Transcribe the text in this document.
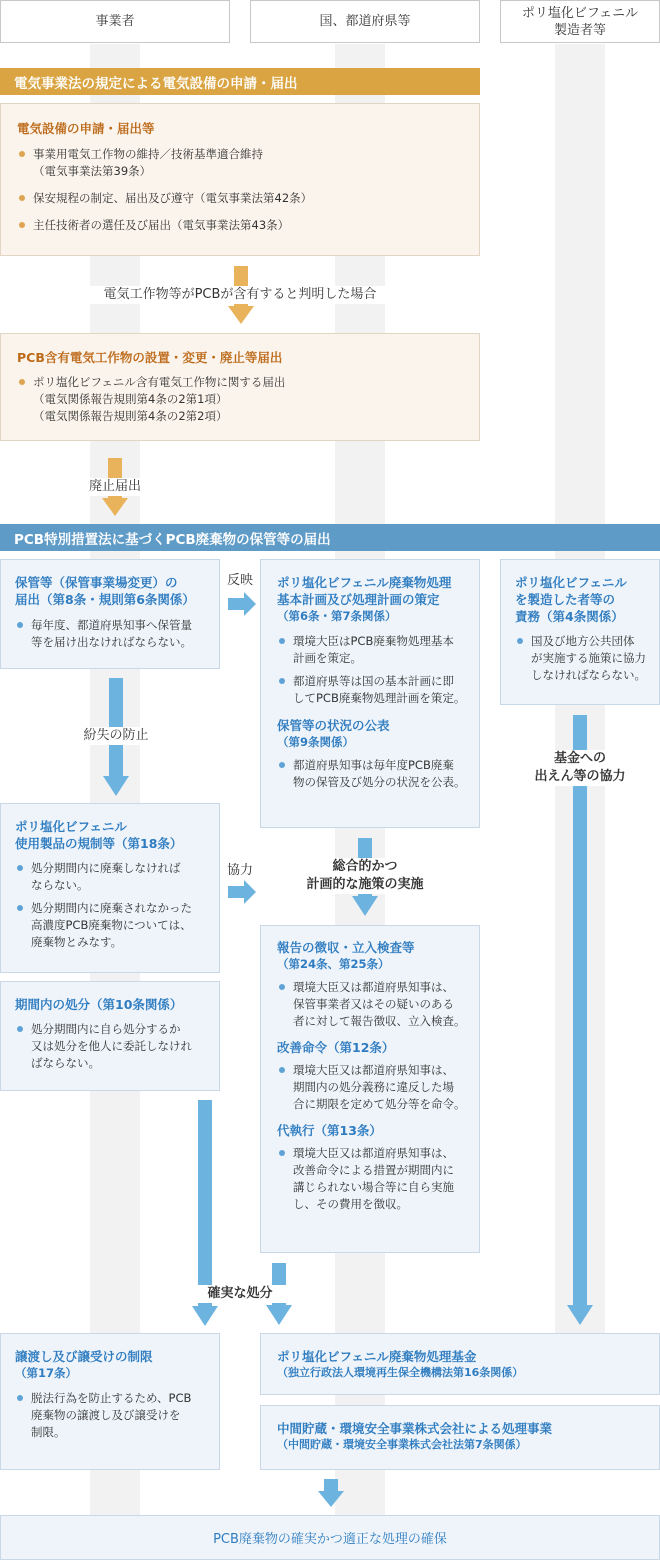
事業者	国、都道府県等
ポリ塩化ビフェニル
製造者等
電気事業法の規定による電気設備の申請・届出
電気設備の申請・届出等
事業用電気工作物の維持／技術基準適合維持
（電気事業法第39条）
保安規程の制定、届出及び遵守（電気事業法第42条）
主任技術者の選任及び届出（電気事業法第43条）
電気工作物等がPCBが含有すると判明した場合
PCB含有電気工作物の設置・変更・廃止等届出
ポリ塩化ビフェニル含有電気工作物に関する届出
（電気関係報告規則第4条の2第1項）
（電気関係報告規則第4条の2第2項）
廃止届出
PCB特別措置法に基づくPCB廃棄物の保管等の届出
保管等（保管事業場変更）の
届出（第8条・規則第6条関係）
毎年度、都道府県知事へ保管量
等を届け出なければならない。
反映	ポリ塩化ビフェニル廃棄物処理
基本計画及び処理計画の策定
（第6条・第7条関係）
環境大臣はPCB廃棄物処理基本
計画を策定。
都道府県等は国の基本計画に即
してPCB廃棄物処理計画を策定。
保管等の状況の公表
（第9条関係）
都道府県知事は毎年度PCB廃棄
物の保管及び処分の状況を公表。
ポリ塩化ビフェニル
を製造した者等の
責務（第4条関係）
国及び地方公共団体
が実施する施策に協力
しなければならない。
紛失の防止
基金への
出えん等の協力
ポリ塩化ビフェニル
使用製品の規制等（第18条）
処分期間内に廃棄しなければ
ならない。
処分期間内に廃棄されなかった
高濃度PCB廃棄物については、
廃棄物とみなす。
協力	総合的かつ
計画的な施策の実施
期間内の処分（第10条関係）
処分期間内に自ら処分するか
又は処分を他人に委託しなけれ
ばならない。
報告の徴収・立入検査等
（第24条、第25条）
環境大臣又は都道府県知事は、
保管事業者又はその疑いのある
者に対して報告徴収、立入検査。
改善命令（第12条）
環境大臣又は都道府県知事は、
期間内の処分義務に違反した場
合に期限を定めて処分等を命令。
代執行（第13条）
環境大臣又は都道府県知事は、
改善命令による措置が期間内に
講じられない場合等に自ら実施
し、その費用を徴収。
確実な処分
譲渡し及び譲受けの制限
（第17条）
脱法行為を防止するため、PCB
廃棄物の譲渡し及び譲受けを
制限。
ポリ塩化ビフェニル廃棄物処理基金
（独立行政法人環境再生保全機構法第16条関係）
中間貯蔵・環境安全事業株式会社による処理事業
（中間貯蔵・環境安全事業株式会社法第7条関係）
PCB廃棄物の確実かつ適正な処理の確保
